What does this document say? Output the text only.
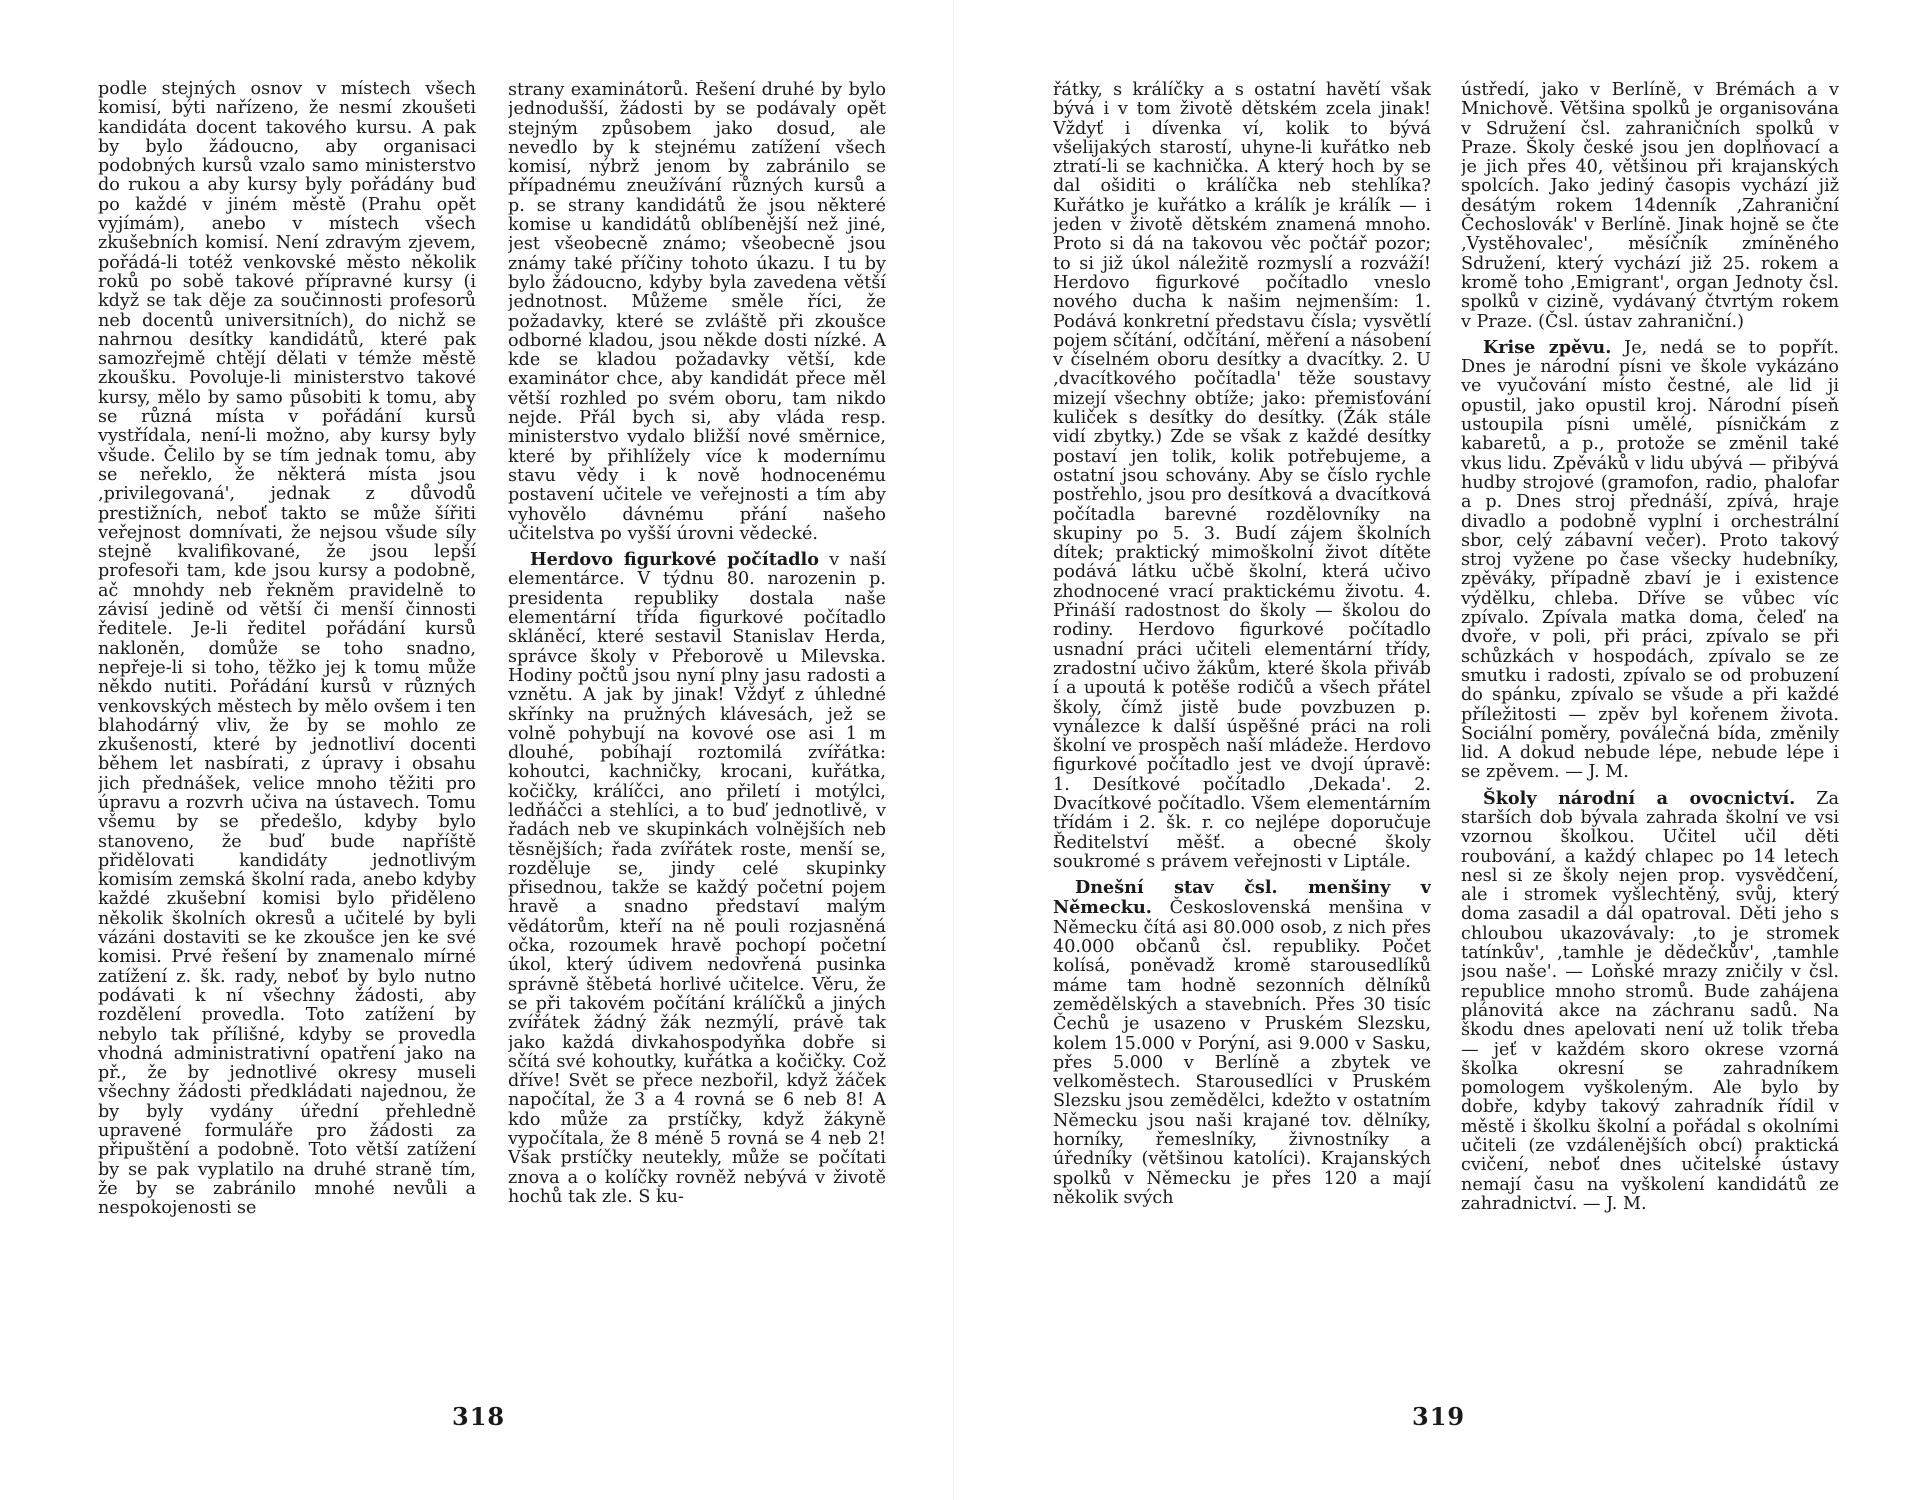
podle stejných osnov v místech všech komisí, býti nařízeno, že nesmí zkoušeti kandidáta docent takového kursu. A pak by bylo žádoucno, aby organisaci podobných kursů vzalo samo ministerstvo do rukou a aby kursy byly pořádány buď po každé v jiném městě (Prahu opět vyjímám), anebo v místech všech zkušebních komisí. Není zdravým zjevem, pořádá-li totéž venkovské město několik roků po sobě takové přípravné kursy (i když se tak děje za součinnosti profesorů neb docentů universitních), do nichž se nahrnou desítky kandidátů, které pak samozřejmě chtějí dělati v témže městě zkoušku. Povoluje-li ministerstvo takové kursy, mělo by samo působiti k tomu, aby se různá místa v pořádání kursů vystřídala, není-li možno, aby kursy byly všude. Čelilo by se tím jednak tomu, aby se neřeklo, že některá místa jsou ‚privilegovaná', jednak z důvodů prestižních, neboť takto se může šířiti veřejnost domnívati, že nejsou všude síly stejně kvalifikované, že jsou lepší profesoři tam, kde jsou kursy a podobně, ač mnohdy neb řekněm pravidelně to závisí jedině od větší či menší činnosti ředitele. Je-li ředitel pořádání kursů nakloněn, domůže se toho snadno, nepřeje-li si toho, těžko jej k tomu může někdo nutiti. Pořádání kursů v různých venkovských městech by mělo ovšem i ten blahodárný vliv, že by se mohlo ze zkušeností, které by jednotliví docenti během let nasbírati, z úpravy i obsahu jich přednášek, velice mnoho těžiti pro úpravu a rozvrh učiva na ústavech. Tomu všemu by se předešlo, kdyby bylo stanoveno, že buď bude napříště přidělovati kandidáty jednotlivým komisím zemská školní rada, anebo kdyby každé zkušební komisi bylo přiděleno několik školních okresů a učitelé by byli vázáni dostaviti se ke zkoušce jen ke své komisi. Prvé řešení by znamenalo mírné zatížení z. šk. rady, neboť by bylo nutno podávati k ní všechny žádosti, aby rozdělení provedla. Toto zatížení by nebylo tak přílišné, kdyby se provedla vhodná administrativní opatření jako na př., že by jednotlivé okresy museli všechny žádosti předkládati najednou, že by byly vydány úřední přehledně upravené formuláře pro žádosti za připuštění a podobně. Toto větší zatížení by se pak vyplatilo na druhé straně tím, že by se zabránilo mnohé nevůli a nespokojenosti se

strany examinátorů. Řešení druhé by bylo jednodušší, žádosti by se podávaly opět stejným způsobem jako dosud, ale nevedlo by k stejnému zatížení všech komisí, nýbrž jenom by zabránilo se případnému zneužívání různých kursů a p. se strany kandidátů že jsou některé komise u kandidátů oblíbenější než jiné, jest všeobecně známo; všeobecně jsou známy také příčiny tohoto úkazu. I tu by bylo žádoucno, kdyby byla zavedena větší jednotnost. Můžeme směle říci, že požadavky, které se zvláště při zkoušce odborné kladou, jsou někde dosti nízké. A kde se kladou požadavky větší, kde examinátor chce, aby kandidát přece měl větší rozhled po svém oboru, tam nikdo nejde. Přál bych si, aby vláda resp. ministerstvo vydalo bližší nové směrnice, které by přihlížely více k modernímu stavu vědy i k nově hodnocenému postavení učitele ve veřejnosti a tím aby vyhovělo dávnému přání našeho učitelstva po vyšší úrovni vědecké.

Herdovo figurkové počítadlo v naší elementárce. V týdnu 80. narozenin p. presidenta republiky dostala naše elementární třída figurkové počítadlo skláněcí, které sestavil Stanislav Herda, správce školy v Přeborově u Milevska. Hodiny počtů jsou nyní plny jasu radosti a vznětu. A jak by jinak! Vždyť z úhledné skřínky na pružných klávesách, jež se volně pohybují na kovové ose asi 1 m dlouhé, pobíhají roztomilá zvířátka: kohoutci, kachničky, krocani, kuřátka, kočičky, králíčci, ano přiletí i motýlci, ledňáčci a stehlíci, a to buď jednotlivě, v řadách neb ve skupinkách volnějších neb těsnějších; řada zvířátek roste, menší se, rozděluje se, jindy celé skupinky přisednou, takže se každý početní pojem hravě a snadno představí malým vědátorům, kteří na ně pouli rozjasněná očka, rozoumek hravě pochopí početní úkol, který údivem nedovřená pusinka správně štěbetá horlivé učitelce. Věru, že se při takovém počítání králíčků a jiných zvířátek žádný žák nezmýlí, právě tak jako každá divkahospodyňka dobře si sčítá své kohoutky, kuřátka a kočičky. Což dříve! Svět se přece nezbořil, když žáček napočítal, že 3 a 4 rovná se 6 neb 8! A kdo může za prstíčky, když žákyně vypočítala, že 8 méně 5 rovná se 4 neb 2! Však prstíčky neutekly, může se počítati znova a o kolíčky rovněž nebývá v životě hochů tak zle. S ku-

318

řátky, s králíčky a s ostatní havětí však bývá i v tom životě dětském zcela jinak! Vždyť i dívenka ví, kolik to bývá všelijakých starostí, uhyne-li kuřátko neb ztratí-li se kachnička. A který hoch by se dal ošiditi o králíčka neb stehlíka? Kuřátko je kuřátko a králík je králík — i jeden v životě dětském znamená mnoho. Proto si dá na takovou věc počtář pozor; to si již úkol náležitě rozmyslí a rozváží! Herdovo figurkové počítadlo vneslo nového ducha k našim nejmenším: 1. Podává konkretní představu čísla; vysvětlí pojem sčítání, odčítání, měření a násobení v číselném oboru desítky a dvacítky. 2. U ‚dvacítkového počítadla' těže soustavy mizejí všechny obtíže; jako: přemisťování kuliček s desítky do desítky. (Žák stále vidí zbytky.) Zde se však z každé desítky postaví jen tolik, kolik potřebujeme, a ostatní jsou schovány. Aby se číslo rychle postřehlo, jsou pro desítková a dvacítková počítadla barevné rozdělovníky na skupiny po 5. 3. Budí zájem školních dítek; praktický mimoškolní život dítěte podává látku učbě školní, která učivo zhodnocené vrací praktickému životu. 4. Přináší radostnost do školy — školou do rodiny. Herdovo figurkové počítadlo usnadní práci učiteli elementární třídy, zradostní učivo žákům, které škola přiváb í a upoutá k potěše rodičů a všech přátel školy, čímž jistě bude povzbuzen p. vynálezce k další úspěšné práci na roli školní ve prospěch naší mládeže. Herdovo figurkové počítadlo jest ve dvojí úpravě: 1. Desítkové počítadlo ‚Dekada'. 2. Dvacítkové počítadlo. Všem elementárním třídám i 2. šk. r. co nejlépe doporučuje Ředitelství měšť. a obecné školy soukromé s právem veřejnosti v Liptále.

Dnešní stav čsl. menšiny v Německu. Československá menšina v Německu čítá asi 80.000 osob, z nich přes 40.000 občanů čsl. republiky. Počet kolísá, poněvadž kromě starousedlíků máme tam hodně sezonních dělníků zemědělských a stavebních. Přes 30 tisíc Čechů je usazeno v Pruském Slezsku, kolem 15.000 v Porýní, asi 9.000 v Sasku, přes 5.000 v Berlíně a zbytek ve velkoměstech. Starousedlíci v Pruském Slezsku jsou zemědělci, kdežto v ostatním Německu jsou naši krajané tov. dělníky, horníky, řemeslníky, živnostníky a úředníky (většinou katolíci). Krajanských spolků v Německu je přes 120 a mají několik svých

ústředí, jako v Berlíně, v Brémách a v Mnichově. Většina spolků je organisována v Sdružení čsl. zahraničních spolků v Praze. Školy české jsou jen doplňovací a je jich přes 40, většinou při krajanských spolcích. Jako jediný časopis vychází již desátým rokem 14denník ‚Zahraniční Čechoslovák' v Berlíně. Jinak hojně se čte ‚Vystěhovalec', měsíčník zmíněného Sdružení, který vychází již 25. rokem a kromě toho ‚Emigrant', organ Jednoty čsl. spolků v cizině, vydávaný čtvrtým rokem v Praze. (Čsl. ústav zahraniční.)

Krise zpěvu. Je, nedá se to popřít. Dnes je národní písni ve škole vykázáno ve vyučování místo čestné, ale lid ji opustil, jako opustil kroj. Národní píseň ustoupila písni umělé, písničkám z kabaretů, a p., protože se změnil také vkus lidu. Zpěváků v lidu ubývá — přibývá hudby strojové (gramofon, radio, phalofar a p. Dnes stroj přednáší, zpívá, hraje divadlo a podobně vyplní i orchestrální sbor, celý zábavní večer). Proto takový stroj vyžene po čase všecky hudebníky, zpěváky, případně zbaví je i existence výdělku, chleba. Dříve se vůbec víc zpívalo. Zpívala matka doma, čeleď na dvoře, v poli, při práci, zpívalo se při schůzkách v hospodách, zpívalo se ze smutku i radosti, zpívalo se od probuzení do spánku, zpívalo se všude a při každé příležitosti — zpěv byl kořenem života. Sociální poměry, poválečná bída, změnily lid. A dokud nebude lépe, nebude lépe i se zpěvem. — J. M.

Školy národní a ovocnictví. Za starších dob bývala zahrada školní ve vsi vzornou školkou. Učitel učil děti roubování, a každý chlapec po 14 letech nesl si ze školy nejen prop. vysvědčení, ale i stromek vyšlechtěný, svůj, který doma zasadil a dál opatroval. Děti jeho s chloubou ukazovávaly: ‚to je stromek tatínkův', ‚tamhle je dědečkův', ‚tamhle jsou naše'. — Loňské mrazy zničily v čsl. republice mnoho stromů. Bude zahájena plánovitá akce na záchranu sadů. Na škodu dnes apelovati není už tolik třeba — jeť v každém skoro okrese vzorná školka okresní se zahradníkem pomologem vyškoleným. Ale bylo by dobře, kdyby takový zahradník řídil v městě i školku školní a pořádal s okolními učiteli (ze vzdálenějších obcí) praktická cvičení, neboť dnes učitelské ústavy nemají času na vyškolení kandidátů ze zahradnictví. — J. M.

319
